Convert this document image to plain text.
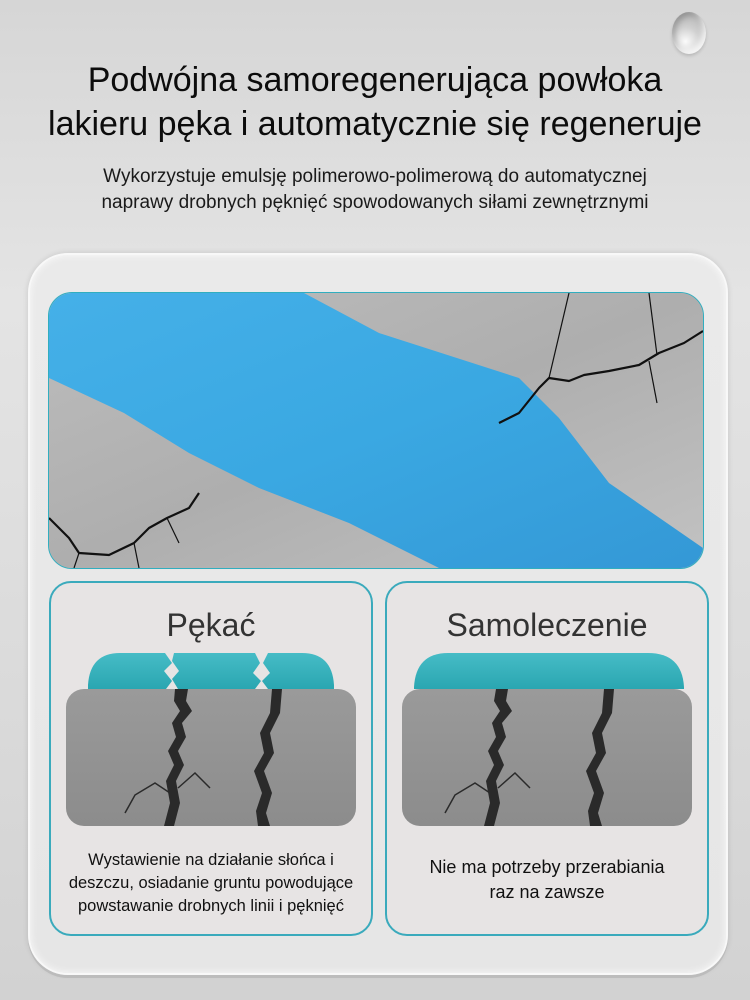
Podwójna samoregenerująca powłoka
lakieru pęka i automatycznie się regeneruje
Wykorzystuje emulsję polimerowo-polimerową do automatycznej
naprawy drobnych pęknięć spowodowanych siłami zewnętrznymi
Pękać
Wystawienie na działanie słońca i
deszczu, osiadanie gruntu powodujące
powstawanie drobnych linii i pęknięć
Samoleczenie
Nie ma potrzeby przerabiania
raz na zawsze
